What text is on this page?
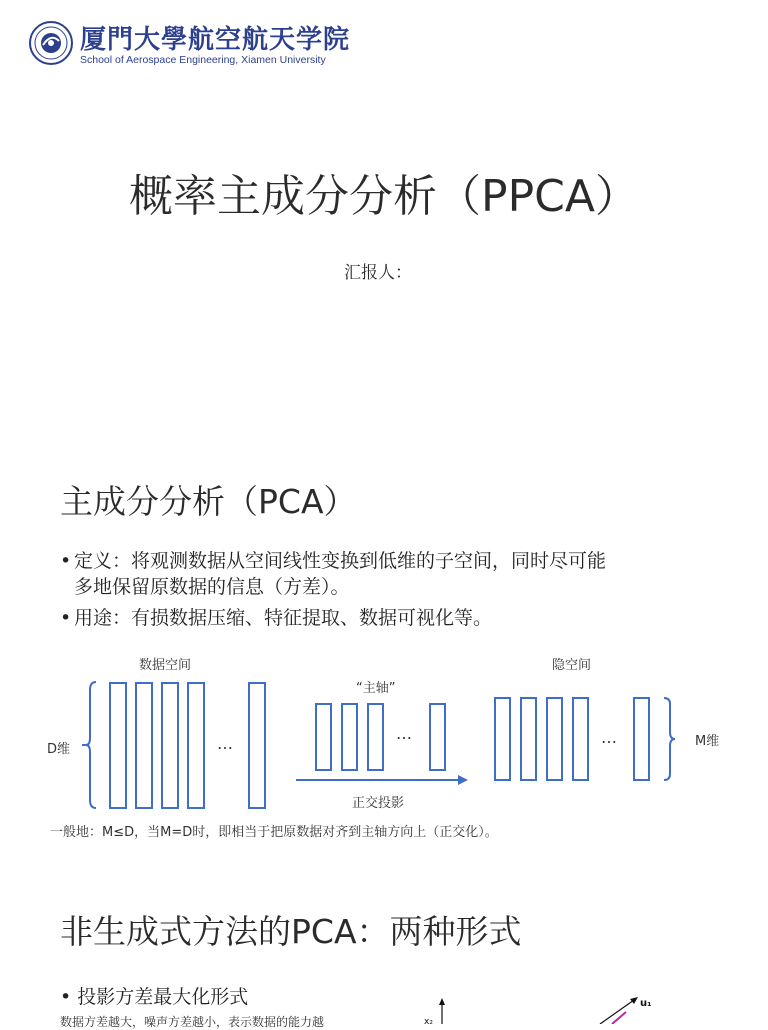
厦門大學航空航天学院
School of Aerospace Engineering, Xiamen University
概率主成分分析（PPCA）
汇报人：
主成分分析（PCA）
• 定义：将观测数据从空间线性变换到低维的子空间，同时尽可能
多地保留原数据的信息（方差）。
• 用途：有损数据压缩、特征提取、数据可视化等。
数据空间	隐空间
“主轴”
D维
M维
…
…	…
正交投影
一般地：M≤D，当M=D时，即相当于把原数据对齐到主轴方向上（正交化）。
非生成式方法的PCA：两种形式
• 投影方差最大化形式
数据方差越大，噪声方差越小，表示数据的能力越	x₂
u₁
